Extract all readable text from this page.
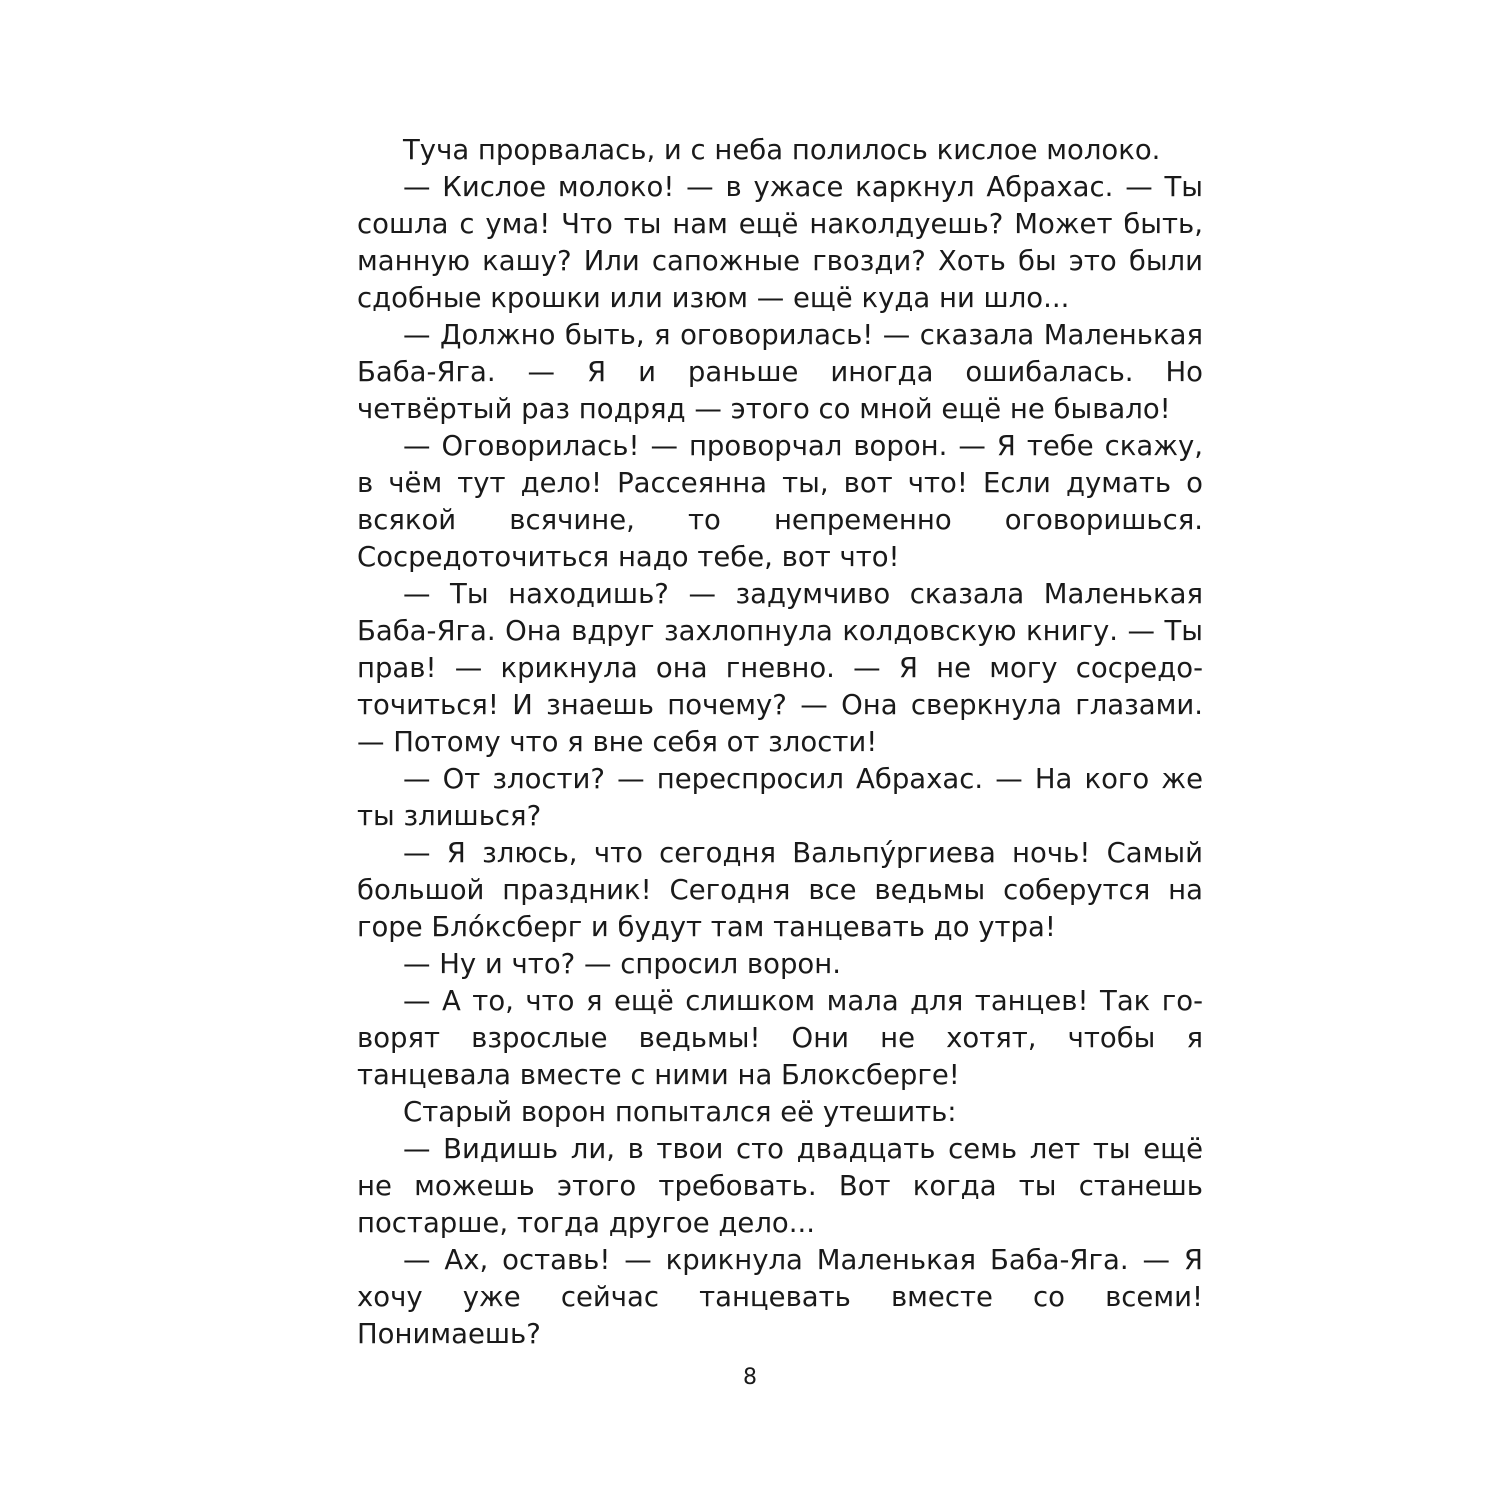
Туча прорвалась, и с неба полилось кислое молоко.

— Кислое молоко! — в ужасе каркнул Абрахас. — Ты сошла с ума! Что ты нам ещё наколдуешь? Может быть, манную кашу? Или сапожные гвозди? Хоть бы это были сдобные крошки или изюм — ещё куда ни шло...

— Должно быть, я оговорилась! — сказала Маленькая Баба-Яга. — Я и раньше иногда ошибалась. Но четвёртый раз подряд — этого со мной ещё не бывало!

— Оговорилась! — проворчал ворон. — Я тебе скажу, в чём тут дело! Рассеянна ты, вот что! Если думать о всякой всячине, то непременно оговоришься. Сосредоточиться надо тебе, вот что!

— Ты находишь? — задумчиво сказала Маленькая Баба-Яга. Она вдруг захлопнула колдовскую книгу. — Ты прав! — крикнула она гневно. — Я не могу сосредоточиться! И знаешь почему? — Она сверкнула глазами. — Потому что я вне себя от злости!

— От злости? — переспросил Абрахас. — На кого же ты злишься?

— Я злюсь, что сегодня Вальпу́ргиева ночь! Самый большой праздник! Сегодня все ведьмы соберутся на горе Бло́ксберг и будут там танцевать до утра!

— Ну и что? — спросил ворон.

— А то, что я ещё слишком мала для танцев! Так говорят взрослые ведьмы! Они не хотят, чтобы я танцевала вместе с ними на Блоксберге!

Старый ворон попытался её утешить:

— Видишь ли, в твои сто двадцать семь лет ты ещё не можешь этого требовать. Вот когда ты станешь постарше, тогда другое дело...

— Ах, оставь! — крикнула Маленькая Баба-Яга. — Я хочу уже сейчас танцевать вместе со всеми! Понимаешь?

8
